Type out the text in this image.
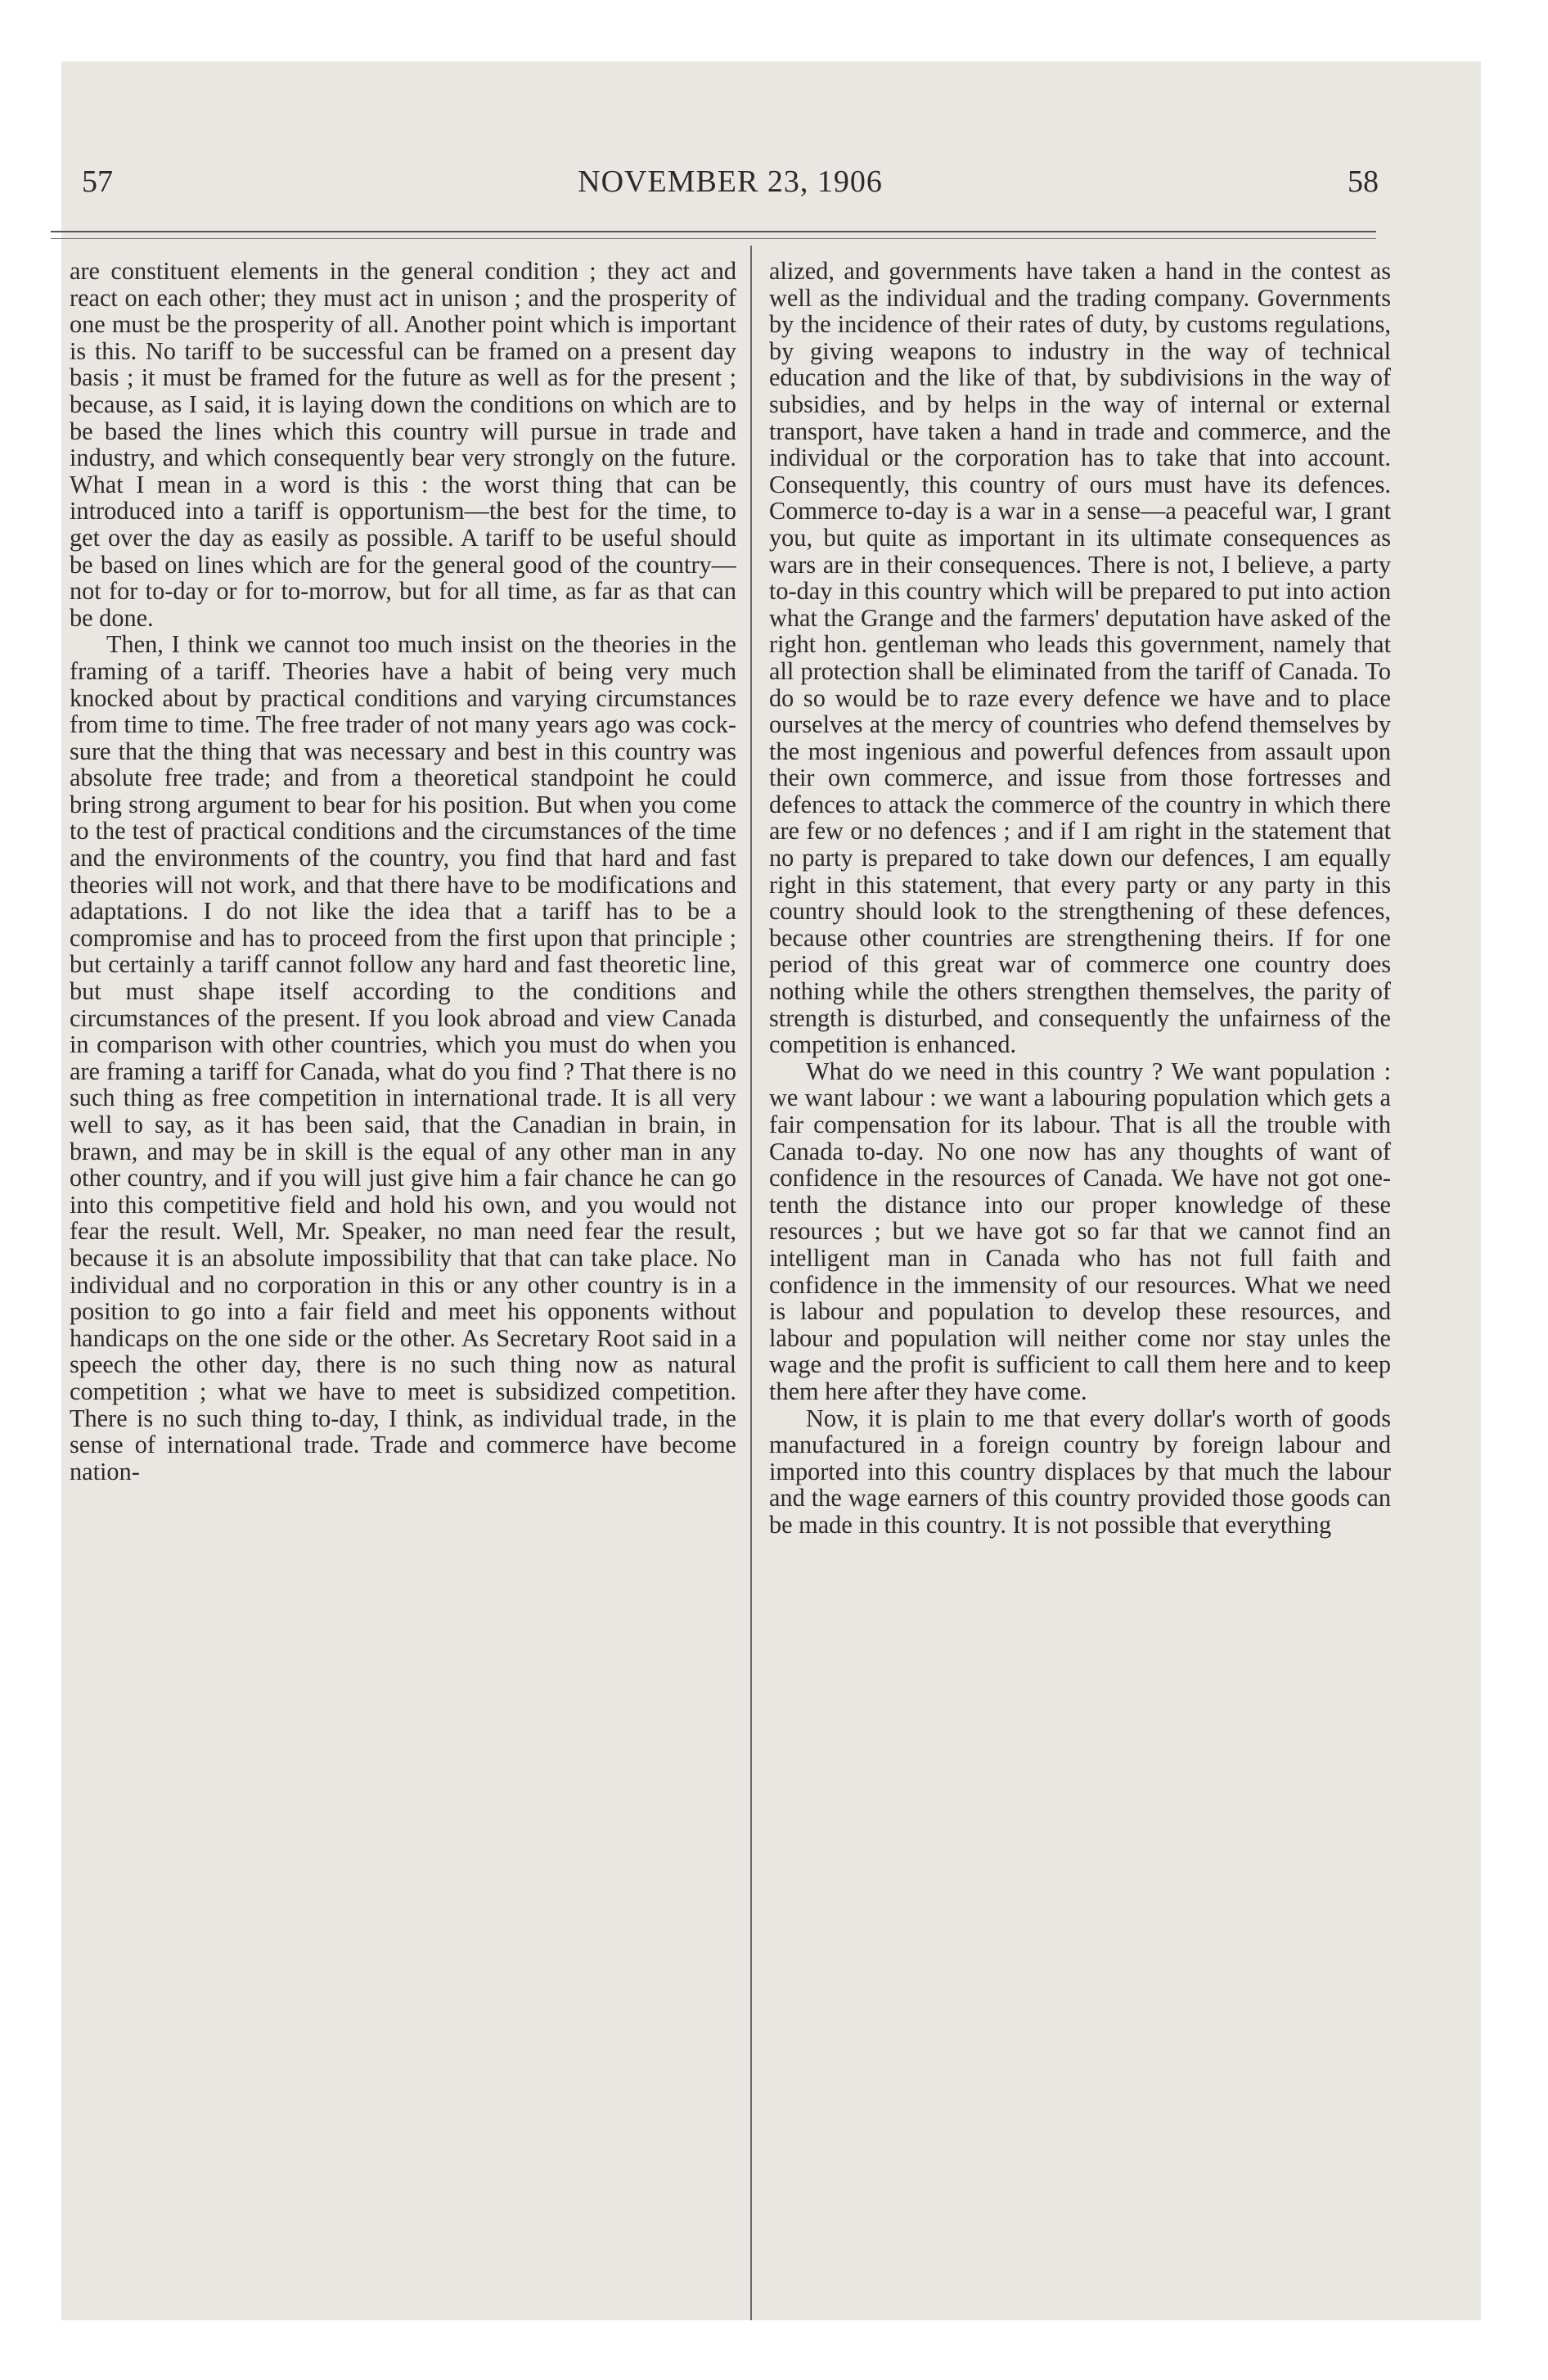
57	NOVEMBER 23, 1906	58

are constituent elements in the general condition ; they act and react on each other; they must act in unison ; and the prosperity of one must be the prosperity of all. Another point which is important is this. No tariff to be successful can be framed on a present day basis ; it must be framed for the future as well as for the present ; because, as I said, it is laying down the conditions on which are to be based the lines which this country will pursue in trade and industry, and which consequently bear very strongly on the future. What I mean in a word is this : the worst thing that can be introduced into a tariff is opportunism—the best for the time, to get over the day as easily as possible. A tariff to be useful should be based on lines which are for the general good of the country—not for to-day or for to-morrow, but for all time, as far as that can be done.

Then, I think we cannot too much insist on the theories in the framing of a tariff. Theories have a habit of being very much knocked about by practical conditions and varying circumstances from time to time. The free trader of not many years ago was cock-sure that the thing that was necessary and best in this country was absolute free trade; and from a theoretical standpoint he could bring strong argument to bear for his position. But when you come to the test of practical conditions and the circumstances of the time and the environments of the country, you find that hard and fast theories will not work, and that there have to be modifications and adaptations. I do not like the idea that a tariff has to be a compromise and has to proceed from the first upon that principle ; but certainly a tariff cannot follow any hard and fast theoretic line, but must shape itself according to the conditions and circumstances of the present. If you look abroad and view Canada in comparison with other countries, which you must do when you are framing a tariff for Canada, what do you find ? That there is no such thing as free competition in international trade. It is all very well to say, as it has been said, that the Canadian in brain, in brawn, and may be in skill is the equal of any other man in any other country, and if you will just give him a fair chance he can go into this competitive field and hold his own, and you would not fear the result. Well, Mr. Speaker, no man need fear the result, because it is an absolute impossibility that that can take place. No individual and no corporation in this or any other country is in a position to go into a fair field and meet his opponents without handicaps on the one side or the other. As Secretary Root said in a speech the other day, there is no such thing now as natural competition ; what we have to meet is subsidized competition. There is no such thing to-day, I think, as individual trade, in the sense of international trade. Trade and commerce have become nation-

alized, and governments have taken a hand in the contest as well as the individual and the trading company. Governments by the incidence of their rates of duty, by customs regulations, by giving weapons to industry in the way of technical education and the like of that, by subdivisions in the way of subsidies, and by helps in the way of internal or external transport, have taken a hand in trade and commerce, and the individual or the corporation has to take that into account. Consequently, this country of ours must have its defences. Commerce to-day is a war in a sense—a peaceful war, I grant you, but quite as important in its ultimate consequences as wars are in their consequences. There is not, I believe, a party to-day in this country which will be prepared to put into action what the Grange and the farmers' deputation have asked of the right hon. gentleman who leads this government, namely that all protection shall be eliminated from the tariff of Canada. To do so would be to raze every defence we have and to place ourselves at the mercy of countries who defend themselves by the most ingenious and powerful defences from assault upon their own commerce, and issue from those fortresses and defences to attack the commerce of the country in which there are few or no defences ; and if I am right in the statement that no party is prepared to take down our defences, I am equally right in this statement, that every party or any party in this country should look to the strengthening of these defences, because other countries are strengthening theirs. If for one period of this great war of commerce one country does nothing while the others strengthen themselves, the parity of strength is disturbed, and consequently the unfairness of the competition is enhanced.

What do we need in this country ? We want population : we want labour : we want a labouring population which gets a fair compensation for its labour. That is all the trouble with Canada to-day. No one now has any thoughts of want of confidence in the resources of Canada. We have not got one-tenth the distance into our proper knowledge of these resources ; but we have got so far that we cannot find an intelligent man in Canada who has not full faith and confidence in the immensity of our resources. What we need is labour and population to develop these resources, and labour and population will neither come nor stay unles the wage and the profit is sufficient to call them here and to keep them here after they have come.

Now, it is plain to me that every dollar's worth of goods manufactured in a foreign country by foreign labour and imported into this country displaces by that much the labour and the wage earners of this country provided those goods can be made in this country. It is not possible that everything
